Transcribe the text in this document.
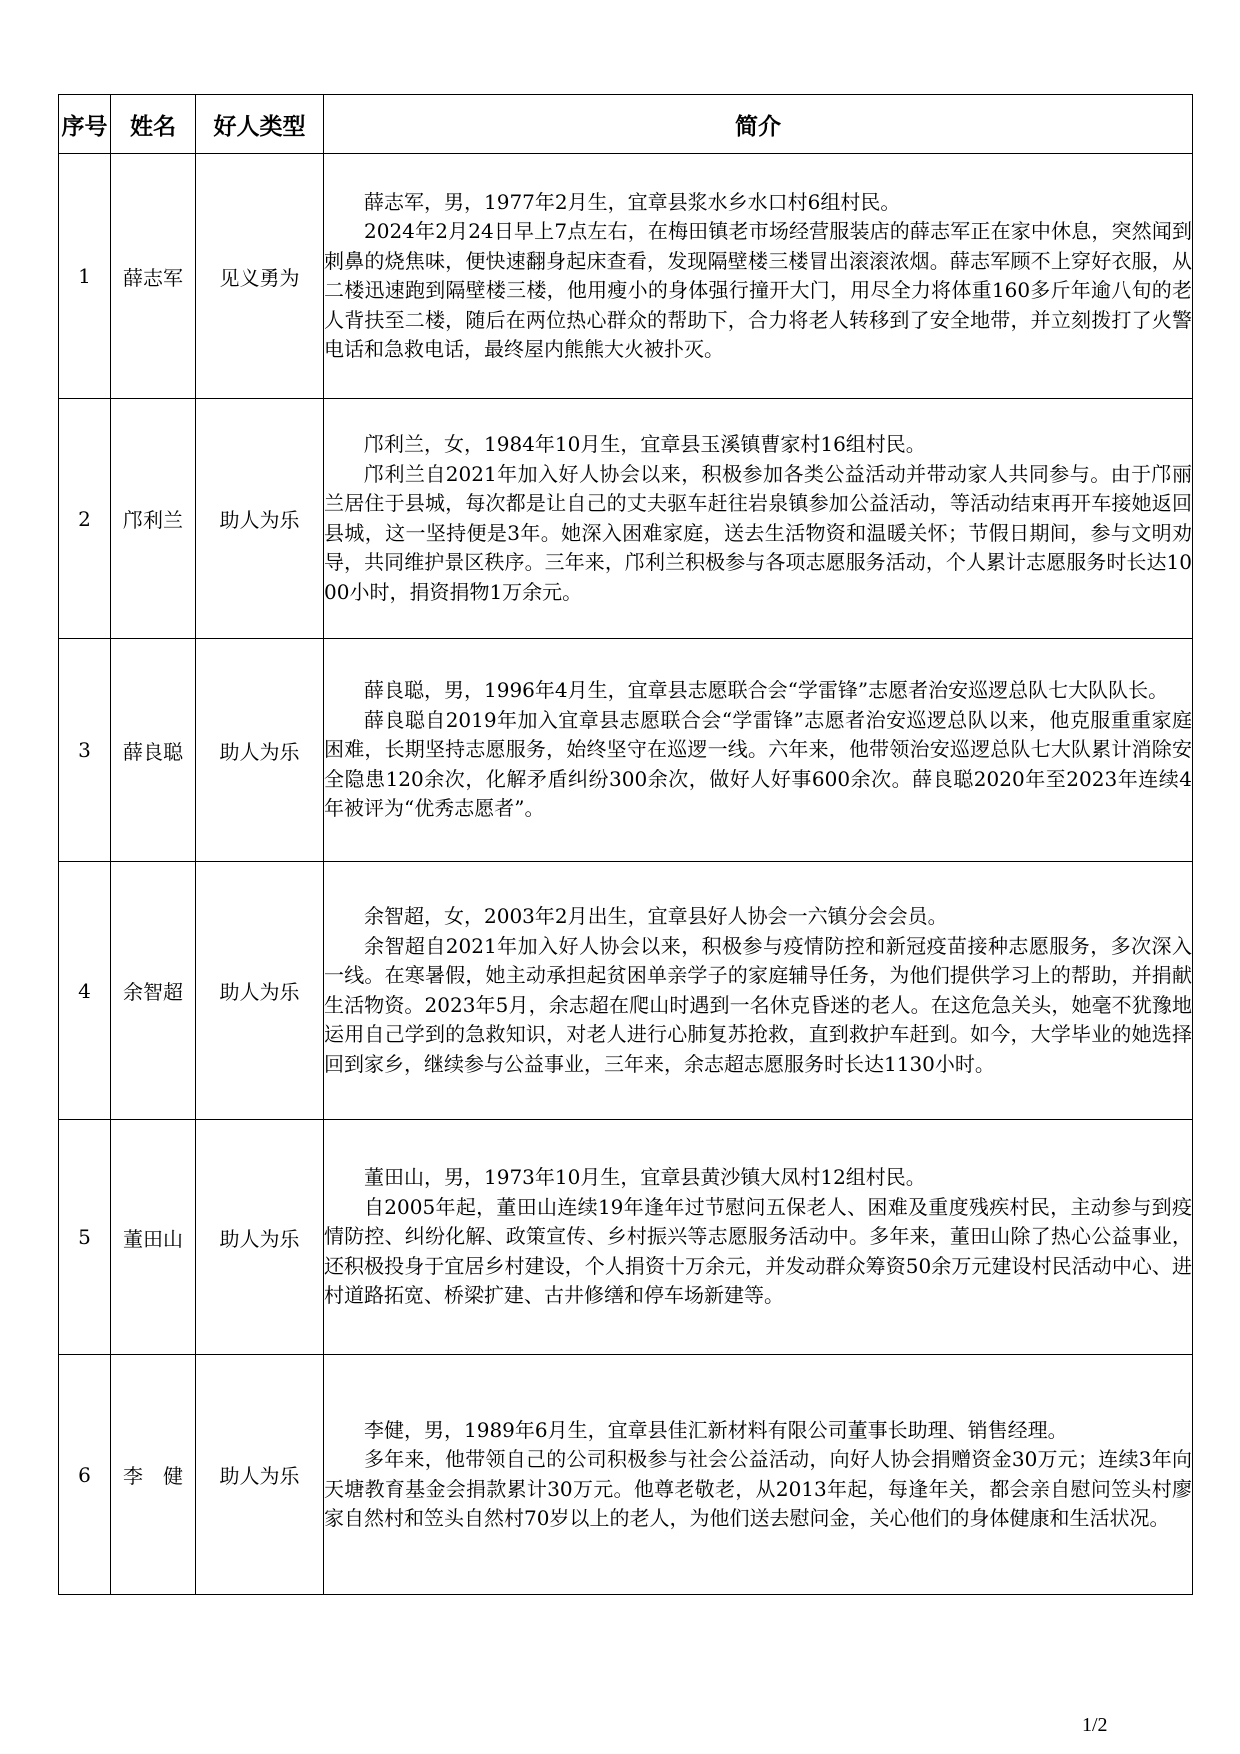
序号	姓名	好人类型	简介
1	薛志军	见义勇为	薛志军，男，1977年2月生，宜章县浆水乡水口村6组村民。

2024年2月24日早上7点左右，在梅田镇老市场经营服装店的薛志军正在家中休息，突然闻到刺鼻的烧焦味，便快速翻身起床查看，发现隔壁楼三楼冒出滚滚浓烟。薛志军顾不上穿好衣服，从二楼迅速跑到隔壁楼三楼，他用瘦小的身体强行撞开大门，用尽全力将体重160多斤年逾八旬的老人背扶至二楼，随后在两位热心群众的帮助下，合力将老人转移到了安全地带，并立刻拨打了火警电话和急救电话，最终屋内熊熊大火被扑灭。

2	邝利兰	助人为乐	邝利兰，女，1984年10月生，宜章县玉溪镇曹家村16组村民。

邝利兰自2021年加入好人协会以来，积极参加各类公益活动并带动家人共同参与。由于邝丽兰居住于县城，每次都是让自己的丈夫驱车赶往岩泉镇参加公益活动，等活动结束再开车接她返回县城，这一坚持便是3年。她深入困难家庭，送去生活物资和温暖关怀；节假日期间，参与文明劝导，共同维护景区秩序。三年来，邝利兰积极参与各项志愿服务活动，个人累计志愿服务时长达1000小时，捐资捐物1万余元。

3	薛良聪	助人为乐	薛良聪，男，1996年4月生，宜章县志愿联合会“学雷锋”志愿者治安巡逻总队七大队队长。

薛良聪自2019年加入宜章县志愿联合会“学雷锋”志愿者治安巡逻总队以来，他克服重重家庭困难，长期坚持志愿服务，始终坚守在巡逻一线。六年来，他带领治安巡逻总队七大队累计消除安全隐患120余次，化解矛盾纠纷300余次，做好人好事600余次。薛良聪2020年至2023年连续4年被评为“优秀志愿者”。

4	余智超	助人为乐	余智超，女，2003年2月出生，宜章县好人协会一六镇分会会员。

余智超自2021年加入好人协会以来，积极参与疫情防控和新冠疫苗接种志愿服务，多次深入一线。在寒暑假，她主动承担起贫困单亲学子的家庭辅导任务，为他们提供学习上的帮助，并捐献生活物资。2023年5月，余志超在爬山时遇到一名休克昏迷的老人。在这危急关头，她毫不犹豫地运用自己学到的急救知识，对老人进行心肺复苏抢救，直到救护车赶到。如今，大学毕业的她选择回到家乡，继续参与公益事业，三年来，余志超志愿服务时长达1130小时。

5	董田山	助人为乐	董田山，男，1973年10月生，宜章县黄沙镇大凤村12组村民。

自2005年起，董田山连续19年逢年过节慰问五保老人、困难及重度残疾村民，主动参与到疫情防控、纠纷化解、政策宣传、乡村振兴等志愿服务活动中。多年来，董田山除了热心公益事业，还积极投身于宜居乡村建设，个人捐资十万余元，并发动群众筹资50余万元建设村民活动中心、进村道路拓宽、桥梁扩建、古井修缮和停车场新建等。

6	李　健	助人为乐	李健，男，1989年6月生，宜章县佳汇新材料有限公司董事长助理、销售经理。

多年来，他带领自己的公司积极参与社会公益活动，向好人协会捐赠资金30万元；连续3年向天塘教育基金会捐款累计30万元。他尊老敬老，从2013年起，每逢年关，都会亲自慰问笠头村廖家自然村和笠头自然村70岁以上的老人，为他们送去慰问金，关心他们的身体健康和生活状况。

1/2
